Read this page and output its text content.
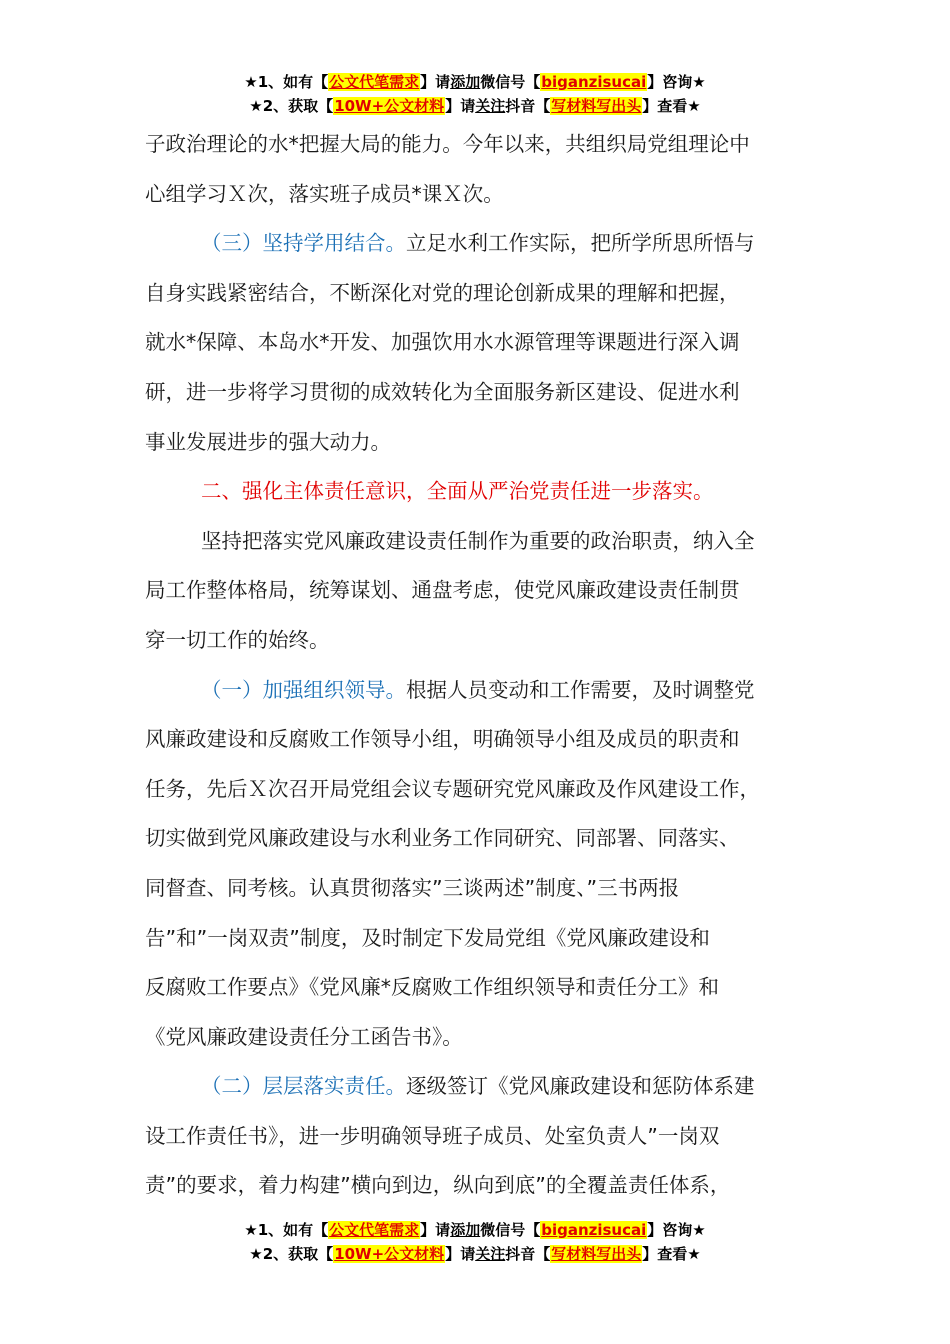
★1、如有【公文代笔需求】请添加微信号【biganzisucai】咨询★
★2、获取【10W+公文材料】请关注抖音【写材料写出头】查看★

子政治理论的水*把握大局的能力。今年以来，共组织局党组理论中

心组学习Ｘ次，落实班子成员*课Ｘ次。

（三）坚持学用结合。立足水利工作实际，把所学所思所悟与

自身实践紧密结合，不断深化对党的理论创新成果的理解和把握，

就水*保障、本岛水*开发、加强饮用水水源管理等课题进行深入调

研，进一步将学习贯彻的成效转化为全面服务新区建设、促进水利

事业发展进步的强大动力。

二、强化主体责任意识，全面从严治党责任进一步落实。

坚持把落实党风廉政建设责任制作为重要的政治职责，纳入全

局工作整体格局，统筹谋划、通盘考虑，使党风廉政建设责任制贯

穿一切工作的始终。

（一）加强组织领导。根据人员变动和工作需要，及时调整党

风廉政建设和反腐败工作领导小组，明确领导小组及成员的职责和

任务，先后Ｘ次召开局党组会议专题研究党风廉政及作风建设工作，

切实做到党风廉政建设与水利业务工作同研究、同部署、同落实、

同督查、同考核。认真贯彻落实”三谈两述”制度、”三书两报

告”和”一岗双责”制度，及时制定下发局党组《党风廉政建设和

反腐败工作要点》《党风廉*反腐败工作组织领导和责任分工》和

《党风廉政建设责任分工函告书》。

（二）层层落实责任。逐级签订《党风廉政建设和惩防体系建

设工作责任书》，进一步明确领导班子成员、处室负责人”一岗双

责”的要求，着力构建”横向到边，纵向到底”的全覆盖责任体系，

★1、如有【公文代笔需求】请添加微信号【biganzisucai】咨询★
★2、获取【10W+公文材料】请关注抖音【写材料写出头】查看★
